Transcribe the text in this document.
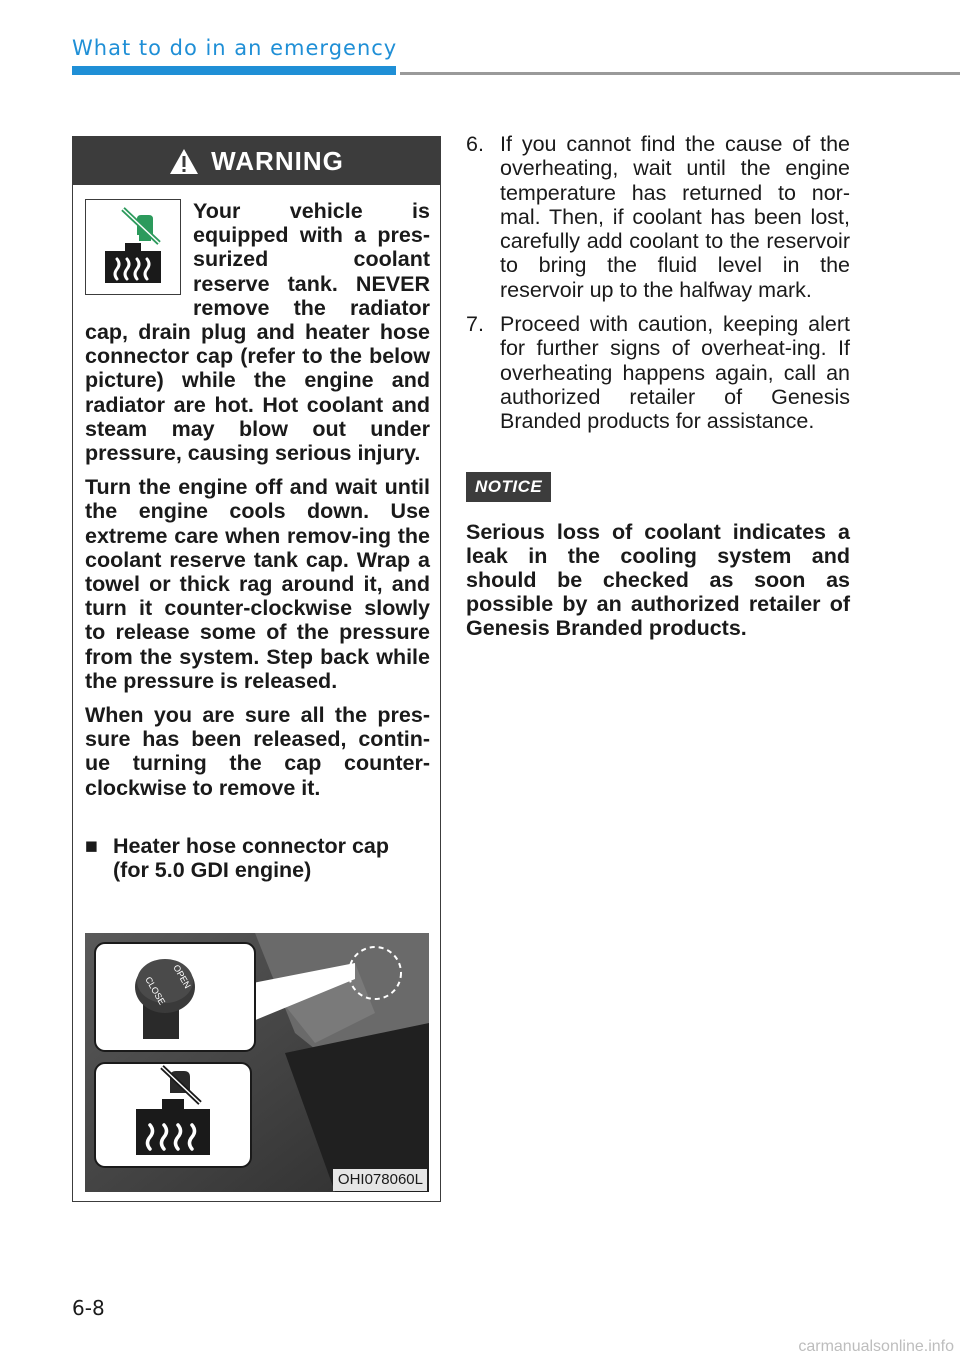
What to do in an emergency
WARNING

Your vehicle is equipped with a pres-surized coolant reserve tank. NEVER remove the radiator cap, drain plug and heater hose connector cap (refer to the below picture) while the engine and radiator are hot. Hot coolant and steam may blow out under pressure, causing serious injury.

Turn the engine off and wait until the engine cools down. Use extreme care when remov-ing the coolant reserve tank cap. Wrap a towel or thick rag around it, and turn it counter-clockwise slowly to release some of the pressure from the system. Step back while the pressure is released.

When you are sure all the pres-sure has been released, contin-ue turning the cap counter-clockwise to remove it.

■ Heater hose connector cap (for 5.0 GDI engine)
CLOSE OPEN
OHI078060L
6. If you cannot find the cause of the overheating, wait until the engine temperature has returned to nor-mal. Then, if coolant has been lost, carefully add coolant to the reservoir to bring the fluid level in the reservoir up to the halfway mark.
7. Proceed with caution, keeping alert for further signs of overheat-ing. If overheating happens again, call an authorized retailer of Genesis Branded products for assistance.
NOTICE
Serious loss of coolant indicates a leak in the cooling system and should be checked as soon as possible by an authorized retailer of Genesis Branded products.
6-8
carmanualsonline.info
